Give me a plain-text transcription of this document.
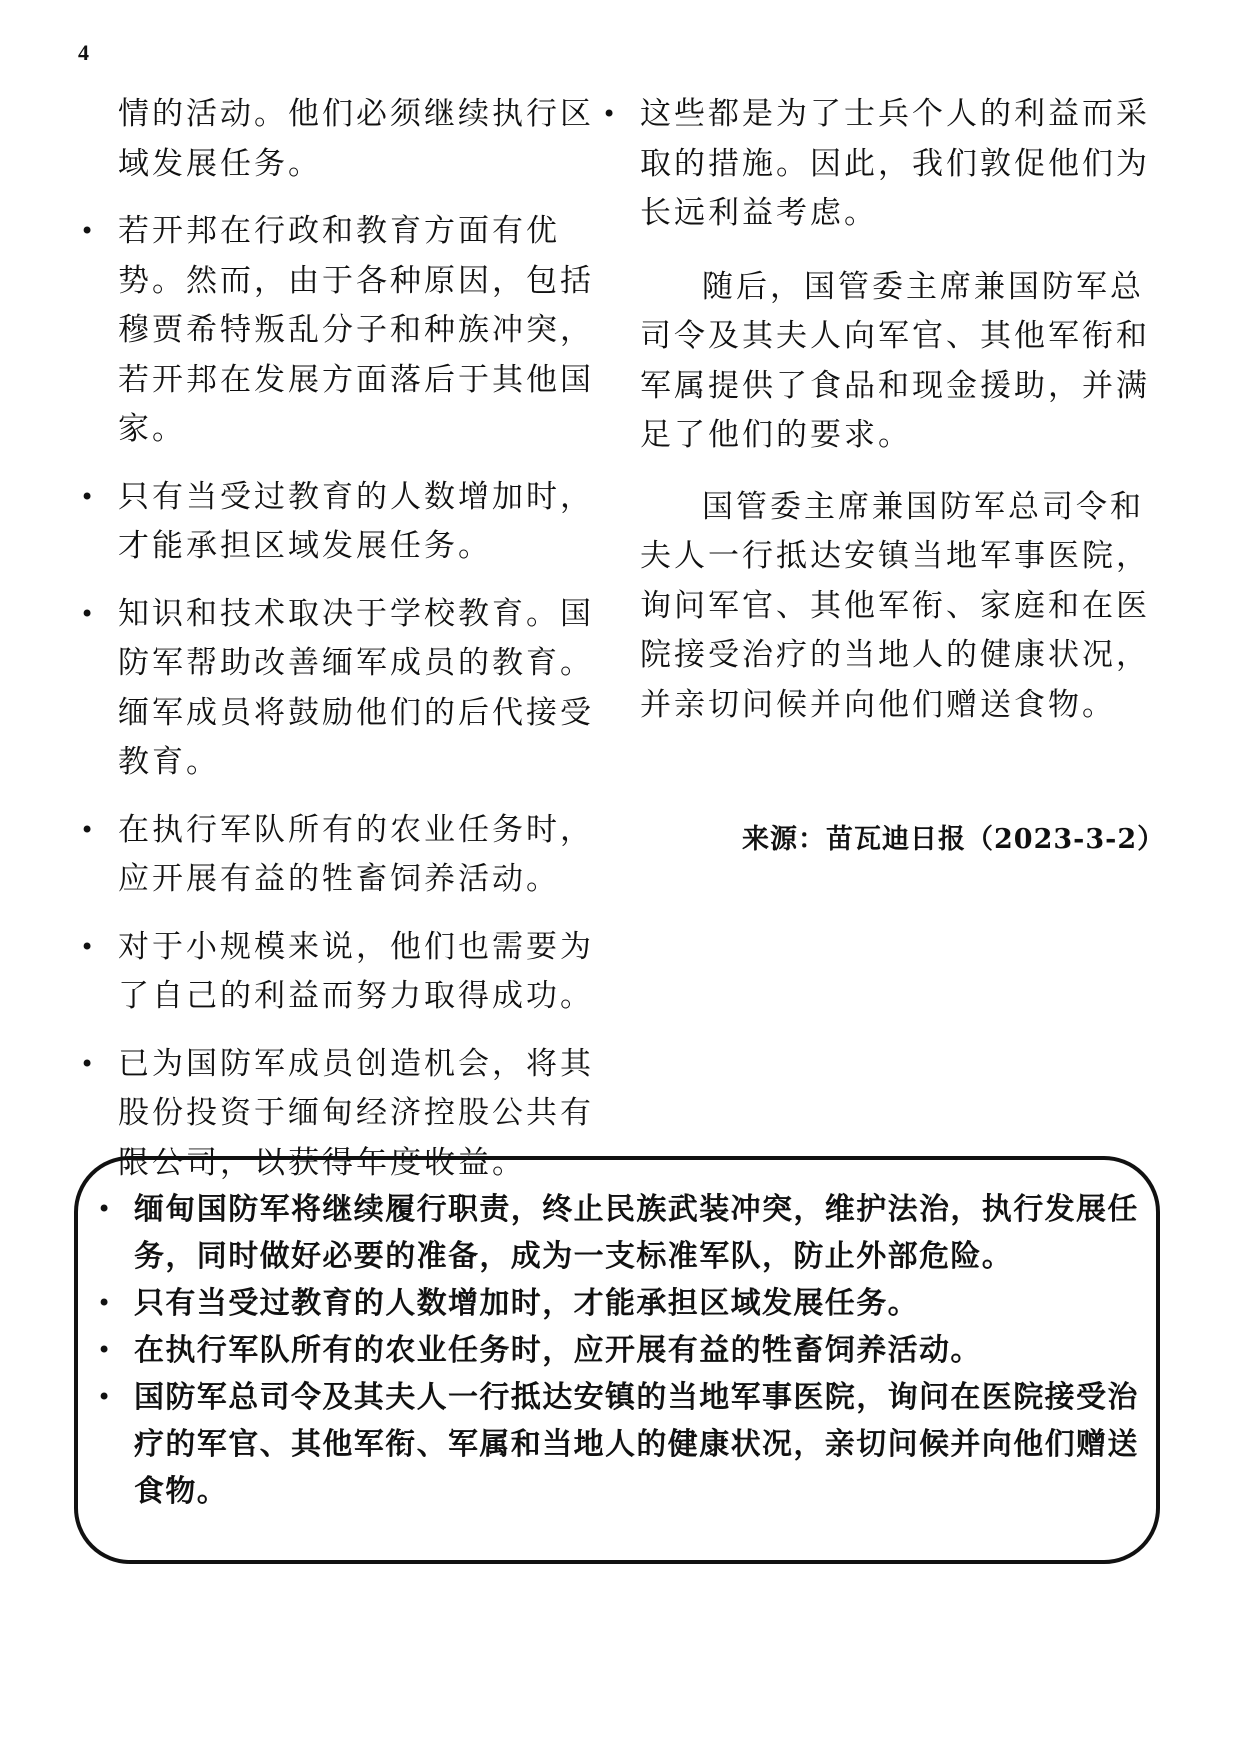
4
情的活动。他们必须继续执行区域发展任务。
• 若开邦在行政和教育方面有优势。然而，由于各种原因，包括穆贾希特叛乱分子和种族冲突，若开邦在发展方面落后于其他国家。
• 只有当受过教育的人数增加时，才能承担区域发展任务。
• 知识和技术取决于学校教育。国防军帮助改善缅军成员的教育。缅军成员将鼓励他们的后代接受教育。
• 在执行军队所有的农业任务时，应开展有益的牲畜饲养活动。
• 对于小规模来说，他们也需要为了自己的利益而努力取得成功。
• 已为国防军成员创造机会，将其股份投资于缅甸经济控股公共有限公司，以获得年度收益。
• 这些都是为了士兵个人的利益而采取的措施。因此，我们敦促他们为长远利益考虑。

随后，国管委主席兼国防军总司令及其夫人向军官、其他军衔和军属提供了食品和现金援助，并满足了他们的要求。

国管委主席兼国防军总司令和夫人一行抵达安镇当地军事医院，询问军官、其他军衔、家庭和在医院接受治疗的当地人的健康状况，并亲切问候并向他们赠送食物。

来源：苗瓦迪日报（2023-3-2）
• 缅甸国防军将继续履行职责，终止民族武装冲突，维护法治，执行发展任务，同时做好必要的准备，成为一支标准军队，防止外部危险。
• 只有当受过教育的人数增加时，才能承担区域发展任务。
• 在执行军队所有的农业任务时，应开展有益的牲畜饲养活动。
• 国防军总司令及其夫人一行抵达安镇的当地军事医院，询问在医院接受治疗的军官、其他军衔、军属和当地人的健康状况，亲切问候并向他们赠送食物。
